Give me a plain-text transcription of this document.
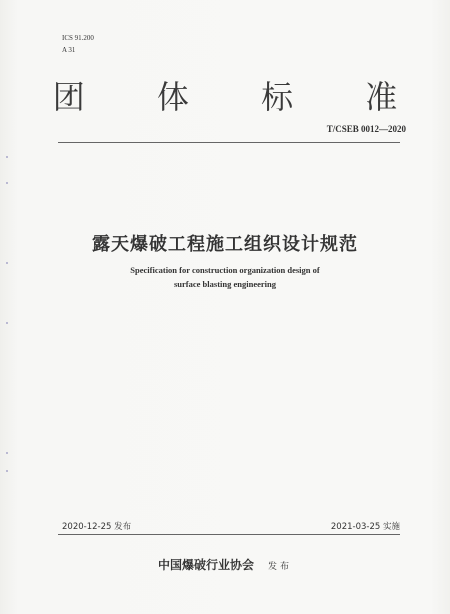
ICS 91.200
A 31
团 体 标 准
T/CSEB 0012—2020
露天爆破工程施工组织设计规范
Specification for construction organization design of
surface blasting engineering
2020-12-25 发布	2021-03-25 实施
中国爆破行业协会 发布
